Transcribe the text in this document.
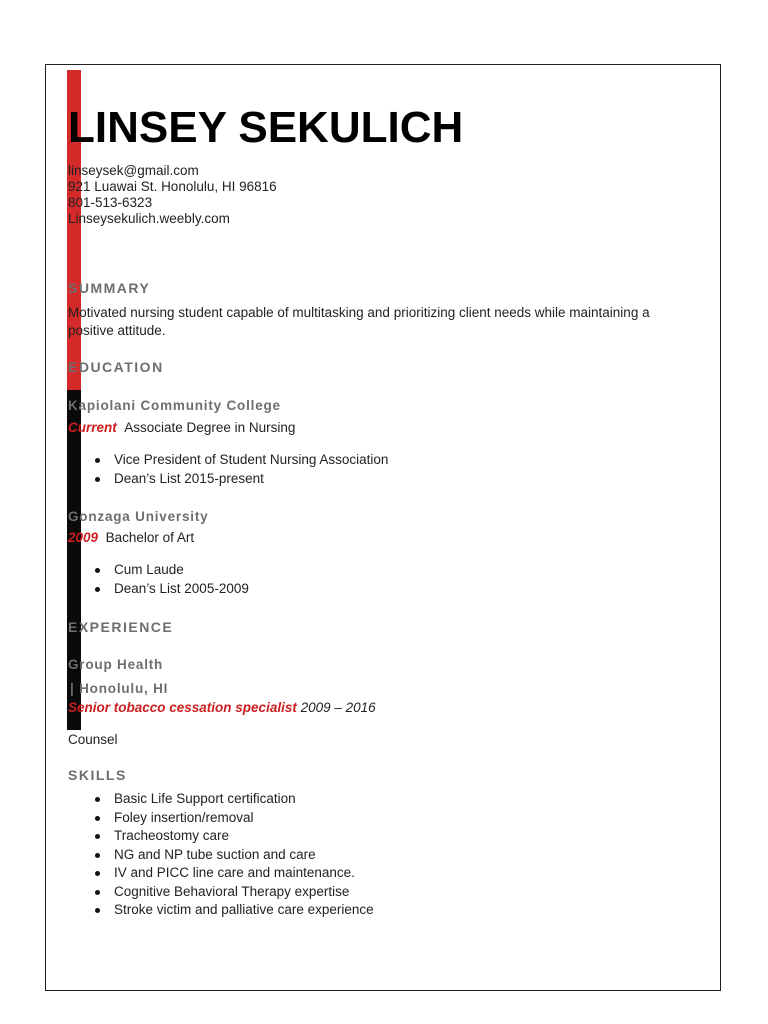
LINSEY SEKULICH
linseysek@gmail.com
921 Luawai St. Honolulu, HI 96816
801-513-6323
Linseysekulich.weebly.com
SUMMARY
Motivated nursing student capable of multitasking and prioritizing client needs while maintaining a positive attitude.
EDUCATION
Kapiolani Community College
Current Associate Degree in Nursing
Vice President of Student Nursing Association
Dean’s List 2015-present
Gonzaga University
2009 Bachelor of Art
Cum Laude
Dean’s List 2005-2009
EXPERIENCE
Group Health
| Honolulu, HI
Senior tobacco cessation specialist 2009 – 2016
Counsel
SKILLS
Basic Life Support certification
Foley insertion/removal
Tracheostomy care
NG and NP tube suction and care
IV and PICC line care and maintenance.
Cognitive Behavioral Therapy expertise
Stroke victim and palliative care experience
